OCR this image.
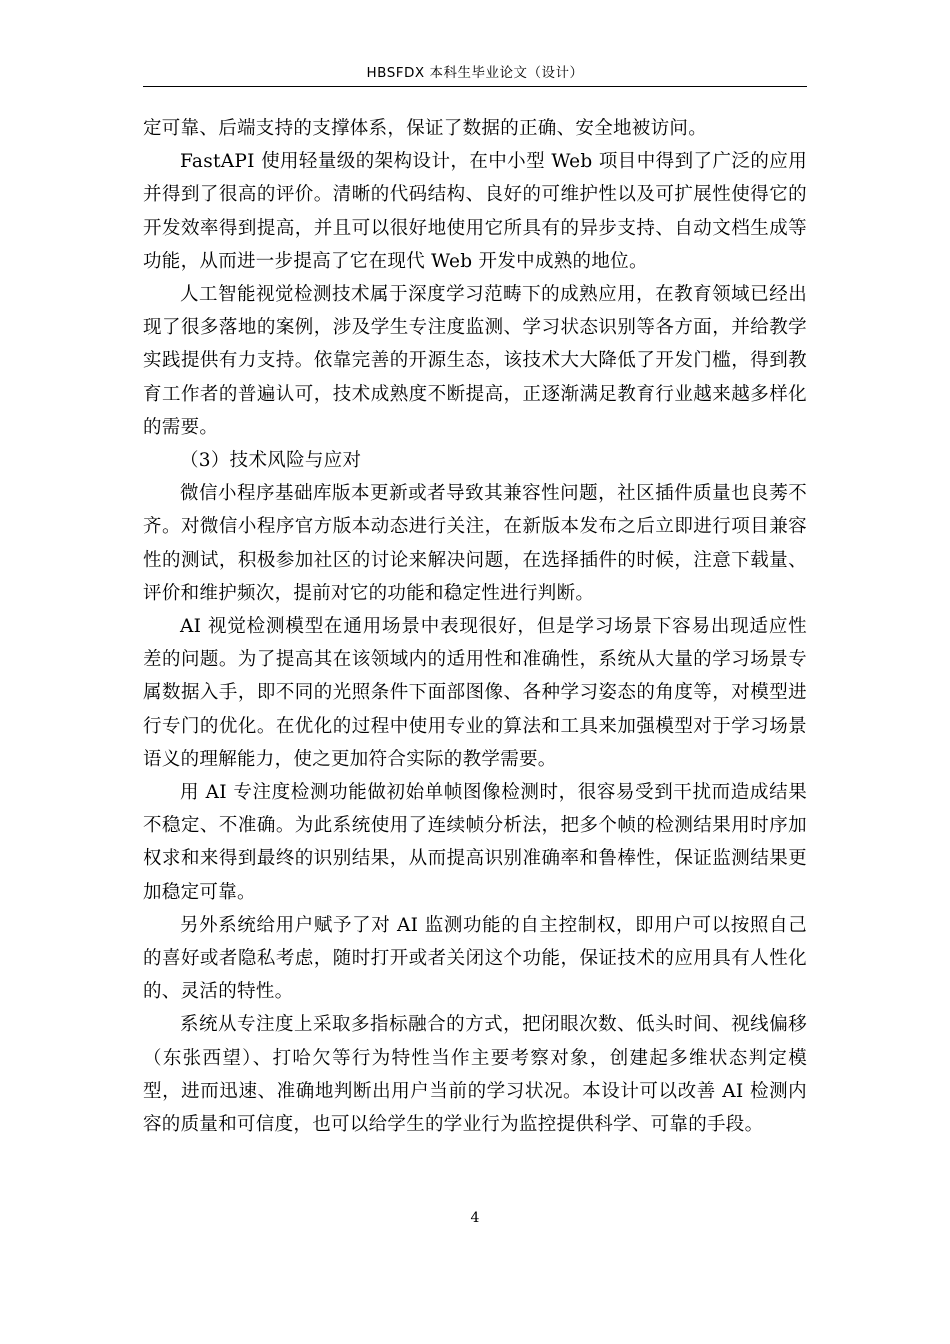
HBSFDX 本科生毕业论文（设计）

定可靠、后端支持的支撑体系，保证了数据的正确、安全地被访问。

FastAPI 使用轻量级的架构设计，在中小型 Web 项目中得到了广泛的应用并得到了很高的评价。清晰的代码结构、良好的可维护性以及可扩展性使得它的开发效率得到提高，并且可以很好地使用它所具有的异步支持、自动文档生成等功能，从而进一步提高了它在现代 Web 开发中成熟的地位。

人工智能视觉检测技术属于深度学习范畴下的成熟应用，在教育领域已经出现了很多落地的案例，涉及学生专注度监测、学习状态识别等各方面，并给教学实践提供有力支持。依靠完善的开源生态，该技术大大降低了开发门槛，得到教育工作者的普遍认可，技术成熟度不断提高，正逐渐满足教育行业越来越多样化的需要。

（3）技术风险与应对

微信小程序基础库版本更新或者导致其兼容性问题，社区插件质量也良莠不齐。对微信小程序官方版本动态进行关注，在新版本发布之后立即进行项目兼容性的测试，积极参加社区的讨论来解决问题，在选择插件的时候，注意下载量、评价和维护频次，提前对它的功能和稳定性进行判断。

AI 视觉检测模型在通用场景中表现很好，但是学习场景下容易出现适应性差的问题。为了提高其在该领域内的适用性和准确性，系统从大量的学习场景专属数据入手，即不同的光照条件下面部图像、各种学习姿态的角度等，对模型进行专门的优化。在优化的过程中使用专业的算法和工具来加强模型对于学习场景语义的理解能力，使之更加符合实际的教学需要。

用 AI 专注度检测功能做初始单帧图像检测时，很容易受到干扰而造成结果不稳定、不准确。为此系统使用了连续帧分析法，把多个帧的检测结果用时序加权求和来得到最终的识别结果，从而提高识别准确率和鲁棒性，保证监测结果更加稳定可靠。

另外系统给用户赋予了对 AI 监测功能的自主控制权，即用户可以按照自己的喜好或者隐私考虑，随时打开或者关闭这个功能，保证技术的应用具有人性化的、灵活的特性。

系统从专注度上采取多指标融合的方式，把闭眼次数、低头时间、视线偏移（东张西望）、打哈欠等行为特性当作主要考察对象，创建起多维状态判定模型，进而迅速、准确地判断出用户当前的学习状况。本设计可以改善 AI 检测内容的质量和可信度，也可以给学生的学业行为监控提供科学、可靠的手段。

4
